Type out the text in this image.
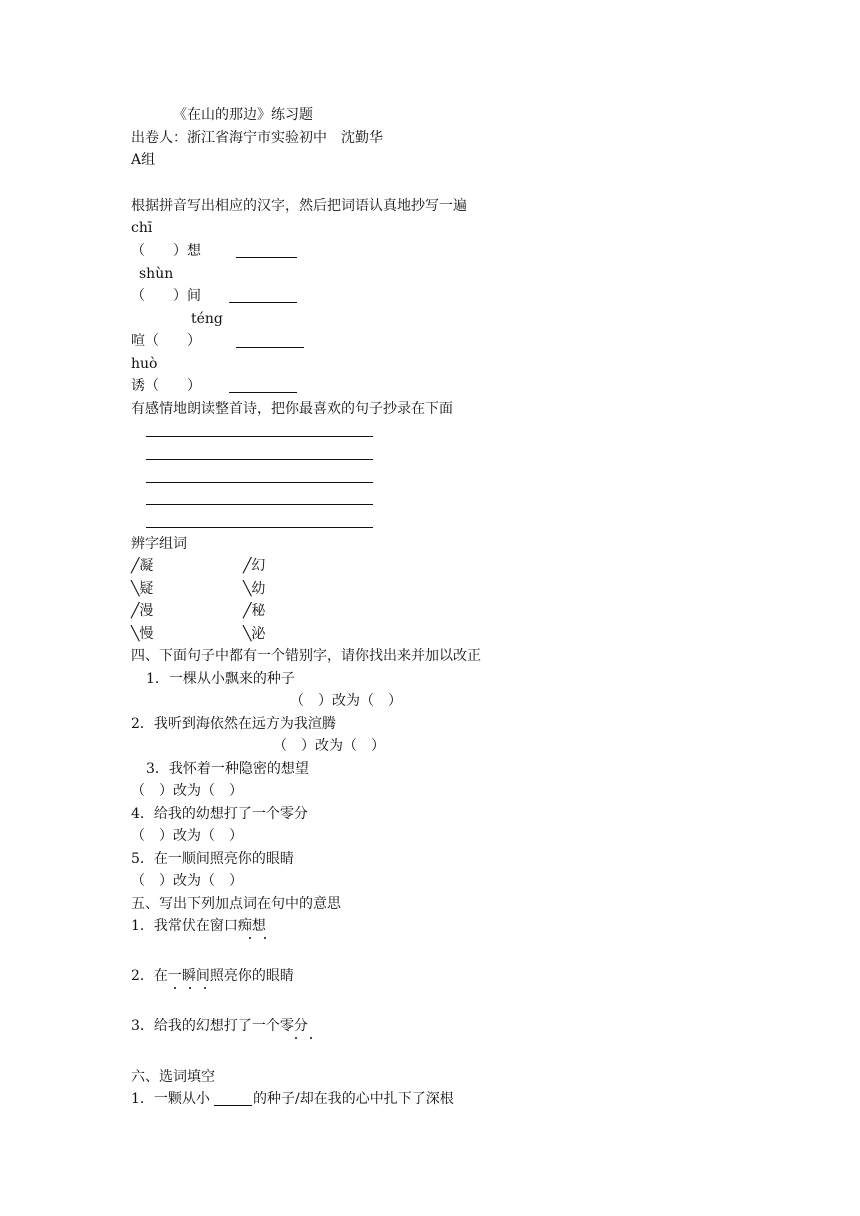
《在山的那边》练习题
出卷人：浙江省海宁市实验初中　沈勤华
A组
根据拼音写出相应的汉字，然后把词语认真地抄写一遍
chī
（　　）想
shùn
（　　）间
téng
喧（　　）
huò
诱（　　）
有感情地朗读整首诗，把你最喜欢的句子抄录在下面
辨字组词
╱凝	╱幻
╲疑	╲幼
╱漫	╱秘
╲慢	╲泌
四、下面句子中都有一个错别字，请你找出来并加以改正
1．一棵从小飘来的种子
（　）改为（　）
2．我听到海依然在远方为我渲腾
（　）改为（　）
3．我怀着一种隐密的想望
（　）改为（　）
4．给我的幼想打了一个零分
（　）改为（　）
5．在一顺间照亮你的眼睛
（　）改为（　）
五、写出下列加点词在句中的意思
1．我常伏在窗口痴想
2．在一瞬间照亮你的眼睛
3．给我的幻想打了一个零分
六、选词填空
1．一颗从小	的种子/却在我的心中扎下了深根
